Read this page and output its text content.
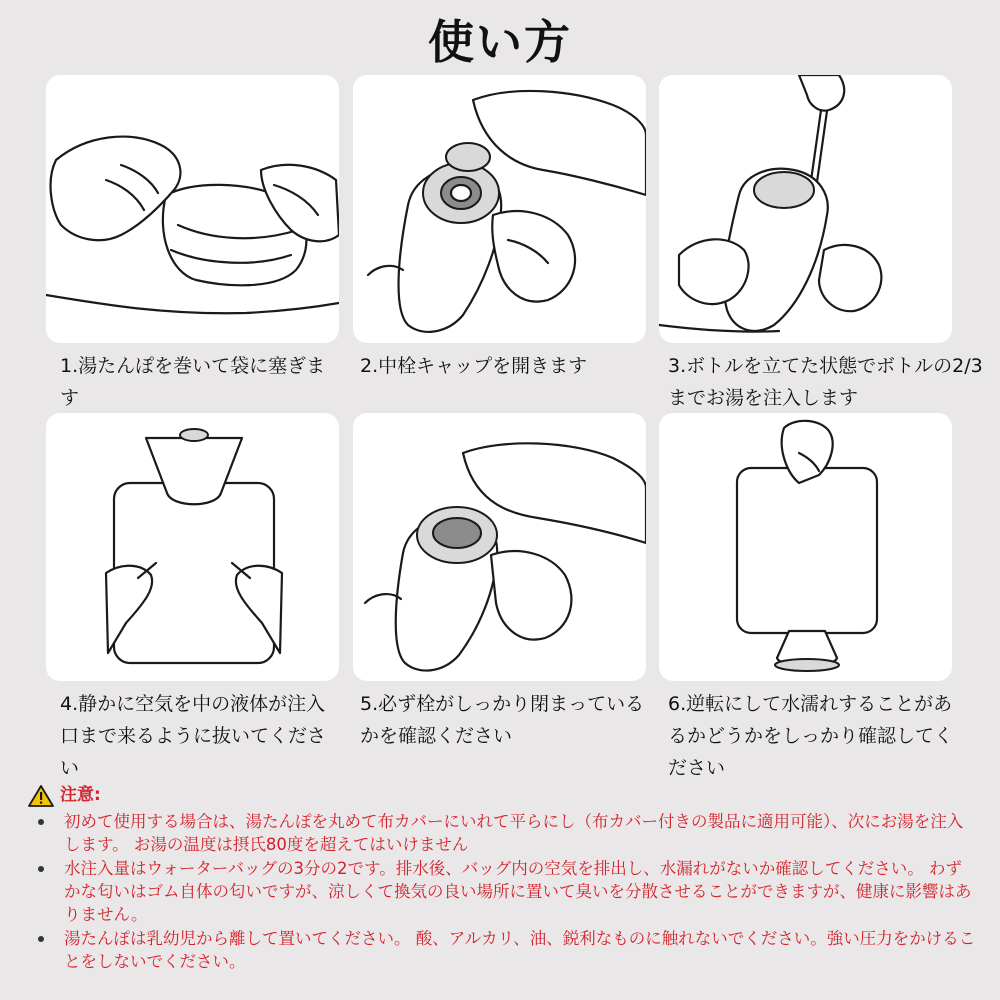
使い方
1.湯たんぽを巻いて袋に塞ぎます
2.中栓キャップを開きます	3.ボトルを立てた状態でボトルの2/3までお湯を注入します
4.静かに空気を中の液体が注入口まで来るように抜いてください
5.必ず栓がしっかり閉まっているかを確認ください
6.逆転にして水濡れすることがあるかどうかをしっかり確認してください
注意:
初めて使用する場合は、湯たんぽを丸めて布カバーにいれて平らにし（布カバー付きの製品に適用可能）、次にお湯を注入します。 お湯の温度は摂氏80度を超えてはいけません
水注入量はウォーターバッグの3分の2です。排水後、バッグ内の空気を排出し、水漏れがないか確認してください。 わずかな匂いはゴム自体の匂いですが、涼しくて換気の良い場所に置いて臭いを分散させることができますが、健康に影響はありません。
湯たんぽは乳幼児から離して置いてください。 酸、アルカリ、油、鋭利なものに触れないでください。強い圧力をかけることをしないでください。
